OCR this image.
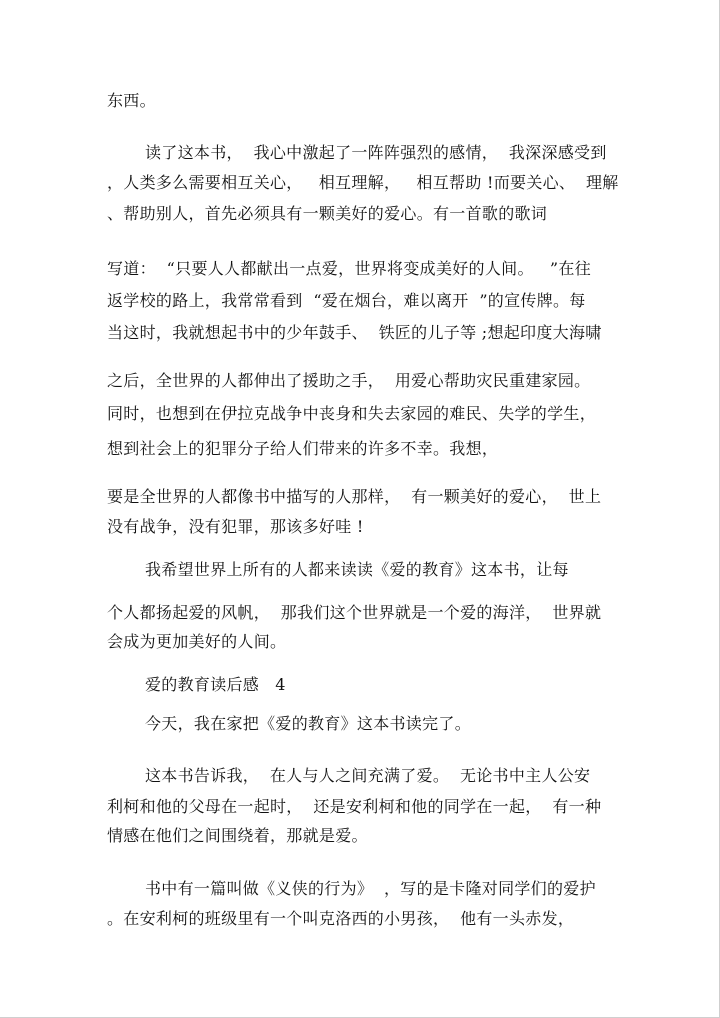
东西。
读了这本书，  我心中激起了一阵阵强烈的感情，  我深深感受到
，人类多么需要相互关心，   相互理解，   相互帮助 !而要关心、  理解
、帮助别人，首先必须具有一颗美好的爱心。有一首歌的歌词
写道：  “只要人人都献出一点爱，世界将变成美好的人间。   ”在往
返学校的路上，我常常看到  “爱在烟台，难以离开  ”的宣传牌。每
当这时，我就想起书中的少年鼓手、  铁匠的儿子等 ;想起印度大海啸
之后，全世界的人都伸出了援助之手，  用爱心帮助灾民重建家园。
同时，也想到在伊拉克战争中丧身和失去家园的难民、失学的学生，
想到社会上的犯罪分子给人们带来的许多不幸。我想，
要是全世界的人都像书中描写的人那样，  有一颗美好的爱心，  世上
没有战争，没有犯罪，那该多好哇 !
我希望世界上所有的人都来读读《爱的教育》这本书，让每
个人都扬起爱的风帆，  那我们这个世界就是一个爱的海洋，  世界就
会成为更加美好的人间。
爱的教育读后感   4
今天，我在家把《爱的教育》这本书读完了。
这本书告诉我，  在人与人之间充满了爱。  无论书中主人公安
利柯和他的父母在一起时，  还是安利柯和他的同学在一起，  有一种
情感在他们之间围绕着，那就是爱。
书中有一篇叫做《义侠的行为》  ，写的是卡隆对同学们的爱护
。在安利柯的班级里有一个叫克洛西的小男孩，  他有一头赤发，
